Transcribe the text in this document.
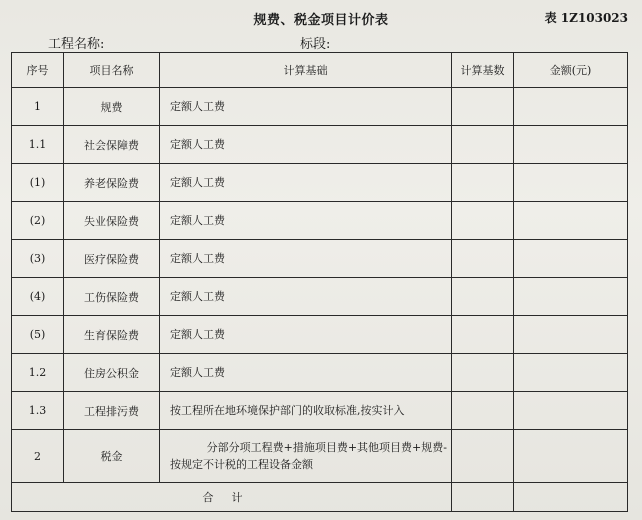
规费、税金项目计价表	表 1Z103023
工程名称:	标段:
序号	项目名称	计算基础	计算基数	金额(元)
1	规费	定额人工费		
1.1	社会保障费	定额人工费		
(1)	养老保险费	定额人工费		
(2)	失业保险费	定额人工费		
(3)	医疗保险费	定额人工费		
(4)	工伤保险费	定额人工费		
(5)	生育保险费	定额人工费		
1.2	住房公积金	定额人工费		
1.3	工程排污费	按工程所在地环境保护部门的收取标准,按实计入		
2	税金	分部分项工程费+措施项目费+其他项目费+规费-
按规定不计税的工程设备金额		

合计				
